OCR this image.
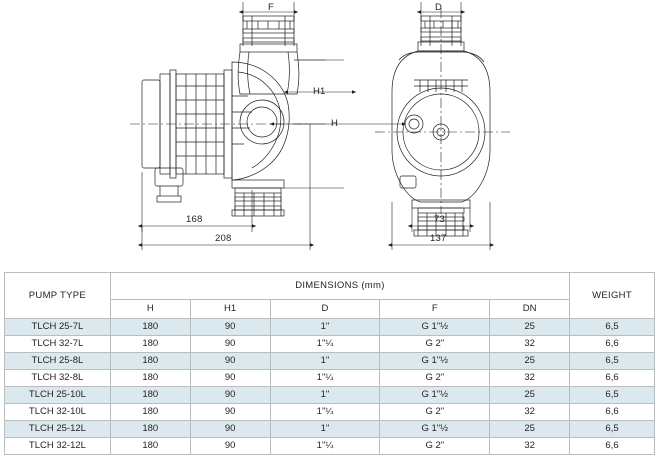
F	D
H1
H
168
208
73
137
PUMP TYPE	DIMENSIONS (mm)					WEIGHT
	H	H1	D	F	DN	
TLCH 25-7L	180	90	1"	G 1"½	25	6,5
TLCH 32-7L	180	90	1"¼	G 2"	32	6,6
TLCH 25-8L	180	90	1"	G 1"½	25	6,5
TLCH 32-8L	180	90	1"¼	G 2"	32	6,6
TLCH 25-10L	180	90	1"	G 1"½	25	6,5
TLCH 32-10L	180	90	1"¼	G 2"	32	6,6
TLCH 25-12L	180	90	1"	G 1"½	25	6,5
TLCH 32-12L	180	90	1"¼	G 2"	32	6,6
